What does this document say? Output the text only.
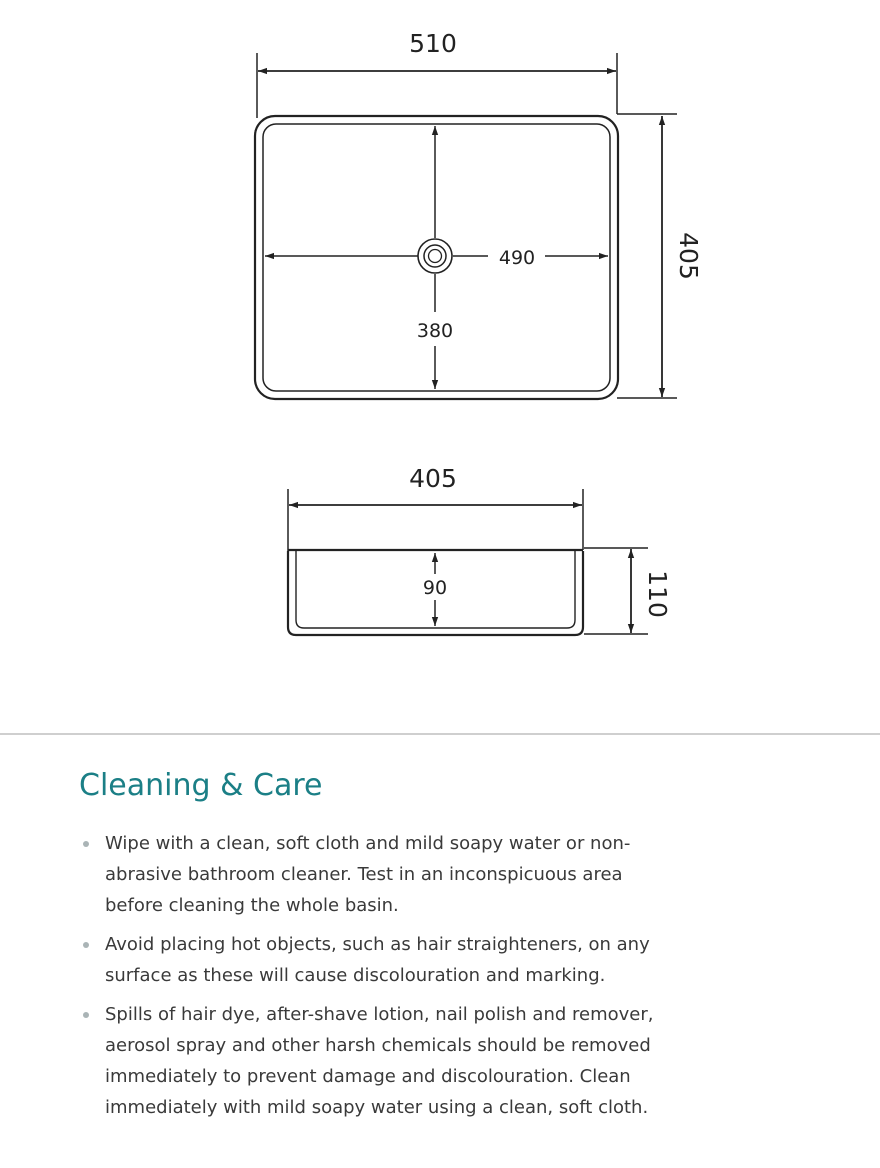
510
405
490
380
405
90	110
Cleaning & Care
Wipe with a clean, soft cloth and mild soapy water or non-abrasive bathroom cleaner. Test in an inconspicuous area before cleaning the whole basin.
Avoid placing hot objects, such as hair straighteners, on any surface as these will cause discolouration and marking.
Spills of hair dye, after-shave lotion, nail polish and remover, aerosol spray and other harsh chemicals should be removed immediately to prevent damage and discolouration. Clean immediately with mild soapy water using a clean, soft cloth.
